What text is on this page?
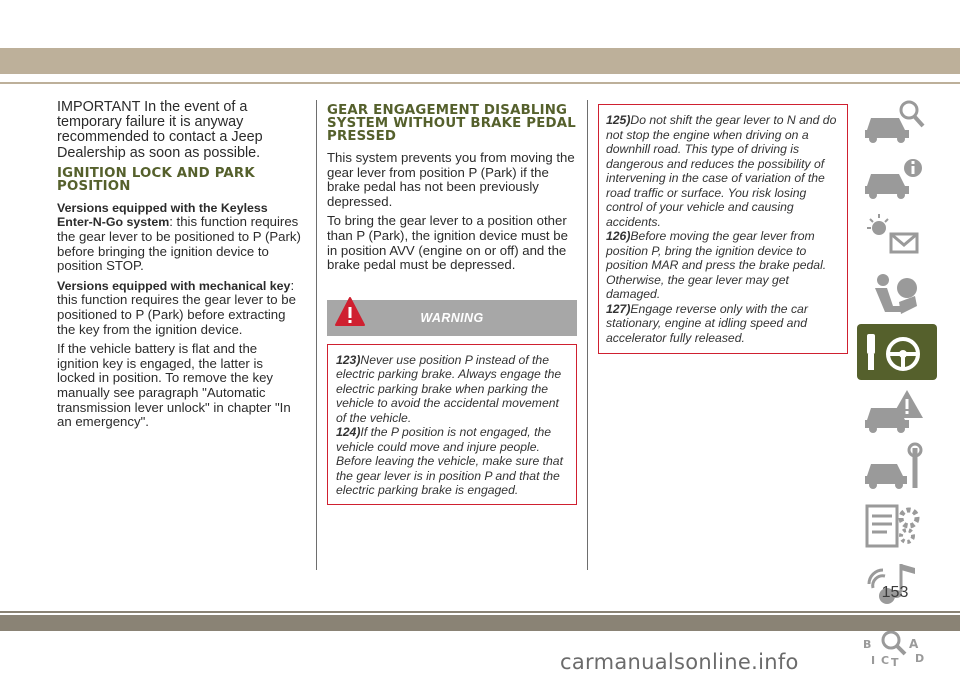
IMPORTANT In the event of a temporary failure it is anyway recommended to contact a Jeep Dealership as soon as possible.

IGNITION LOCK AND PARK POSITION

Versions equipped with the Keyless Enter-N-Go system: this function requires the gear lever to be positioned to P (Park) before bringing the ignition device to position STOP.

Versions equipped with mechanical key: this function requires the gear lever to be positioned to P (Park) before extracting the key from the ignition device.

If the vehicle battery is flat and the ignition key is engaged, the latter is locked in position. To remove the key manually see paragraph "Automatic transmission lever unlock" in chapter "In an emergency".

GEAR ENGAGEMENT DISABLING SYSTEM WITHOUT BRAKE PEDAL PRESSED

This system prevents you from moving the gear lever from position P (Park) if the brake pedal has not been previously depressed.

To bring the gear lever to a position other than P (Park), the ignition device must be in position AVV (engine on or off) and the brake pedal must be depressed.

WARNING
123)Never use position P instead of the electric parking brake. Always engage the electric parking brake when parking the vehicle to avoid the accidental movement of the vehicle.
124)If the P position is not engaged, the vehicle could move and injure people. Before leaving the vehicle, make sure that the gear lever is in position P and that the electric parking brake is engaged.
125)Do not shift the gear lever to N and do not stop the engine when driving on a downhill road. This type of driving is dangerous and reduces the possibility of intervening in the case of variation of the road traffic or surface. You risk losing control of your vehicle and causing accidents.
126)Before moving the gear lever from position P, bring the ignition device to position MAR and press the brake pedal. Otherwise, the gear lever may get damaged.
127)Engage reverse only with the car stationary, engine at idling speed and accelerator fully released.
B	A
I C T D
153
carmanualsonline.info
